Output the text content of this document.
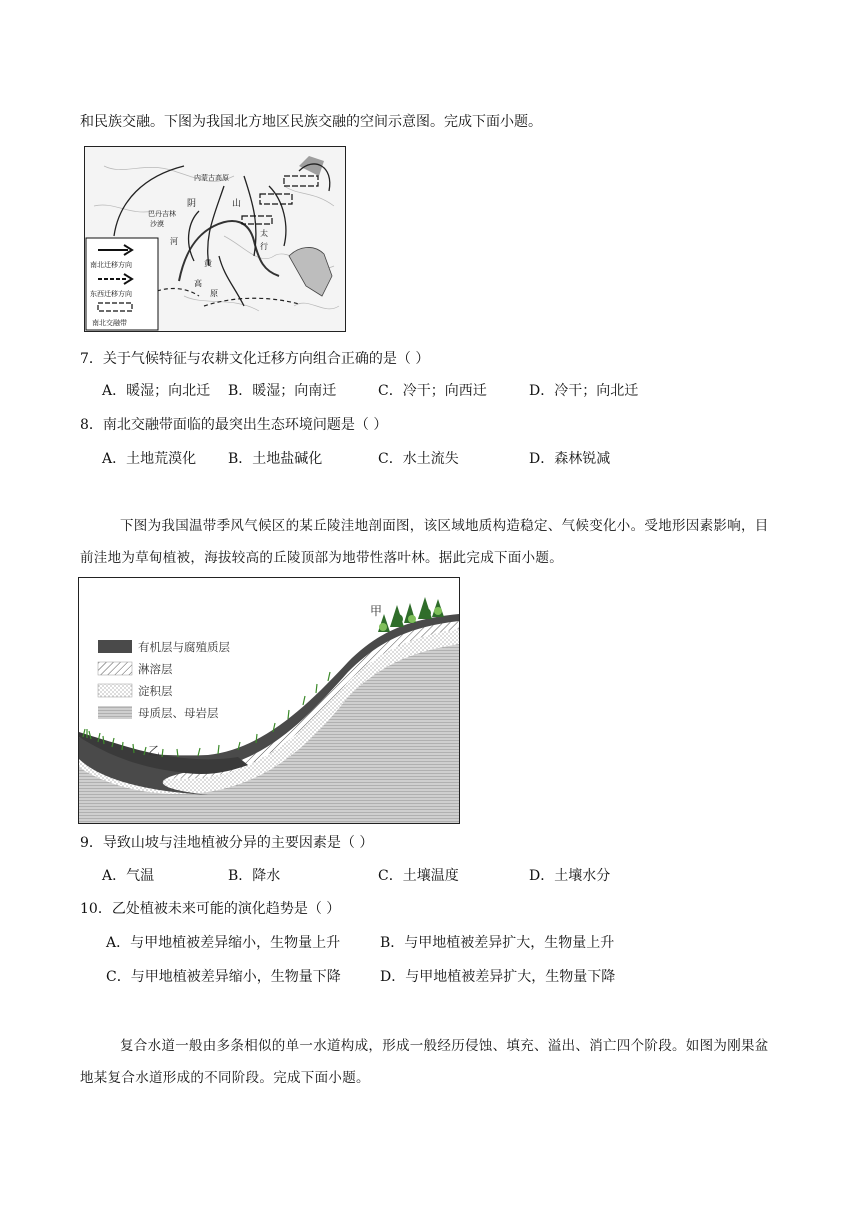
和民族交融。下图为我国北方地区民族交融的空间示意图。完成下面小题。
内蒙古高原
阴	山
巴丹吉林
沙漠
河
黄
太
行
高
原
南北迁移方向
东西迁移方向
南北交融带
7．关于气候特征与农耕文化迁移方向组合正确的是（ ）
A．暖湿；向北迁 B．暖湿；向南迁	C．冷干；向西迁	D．冷干；向北迁
8．南北交融带面临的最突出生态环境问题是（ ）
A．土地荒漠化 B．土地盐碱化	C．水土流失	D．森林锐减
下图为我国温带季风气候区的某丘陵洼地剖面图，该区域地质构造稳定、气候变化小。受地形因素影响，目前洼地为草甸植被，海拔较高的丘陵顶部为地带性落叶林。据此完成下面小题。
甲
乙
有机层与腐殖质层
淋溶层
淀积层
母质层、母岩层
9．导致山坡与洼地植被分异的主要因素是（ ）
A．气温	B．降水	C．土壤温度	D．土壤水分
10．乙处植被未来可能的演化趋势是（ ）
A．与甲地植被差异缩小，生物量上升	B．与甲地植被差异扩大，生物量上升
C．与甲地植被差异缩小，生物量下降	D．与甲地植被差异扩大，生物量下降
复合水道一般由多条相似的单一水道构成，形成一般经历侵蚀、填充、溢出、消亡四个阶段。如图为刚果盆地某复合水道形成的不同阶段。完成下面小题。
